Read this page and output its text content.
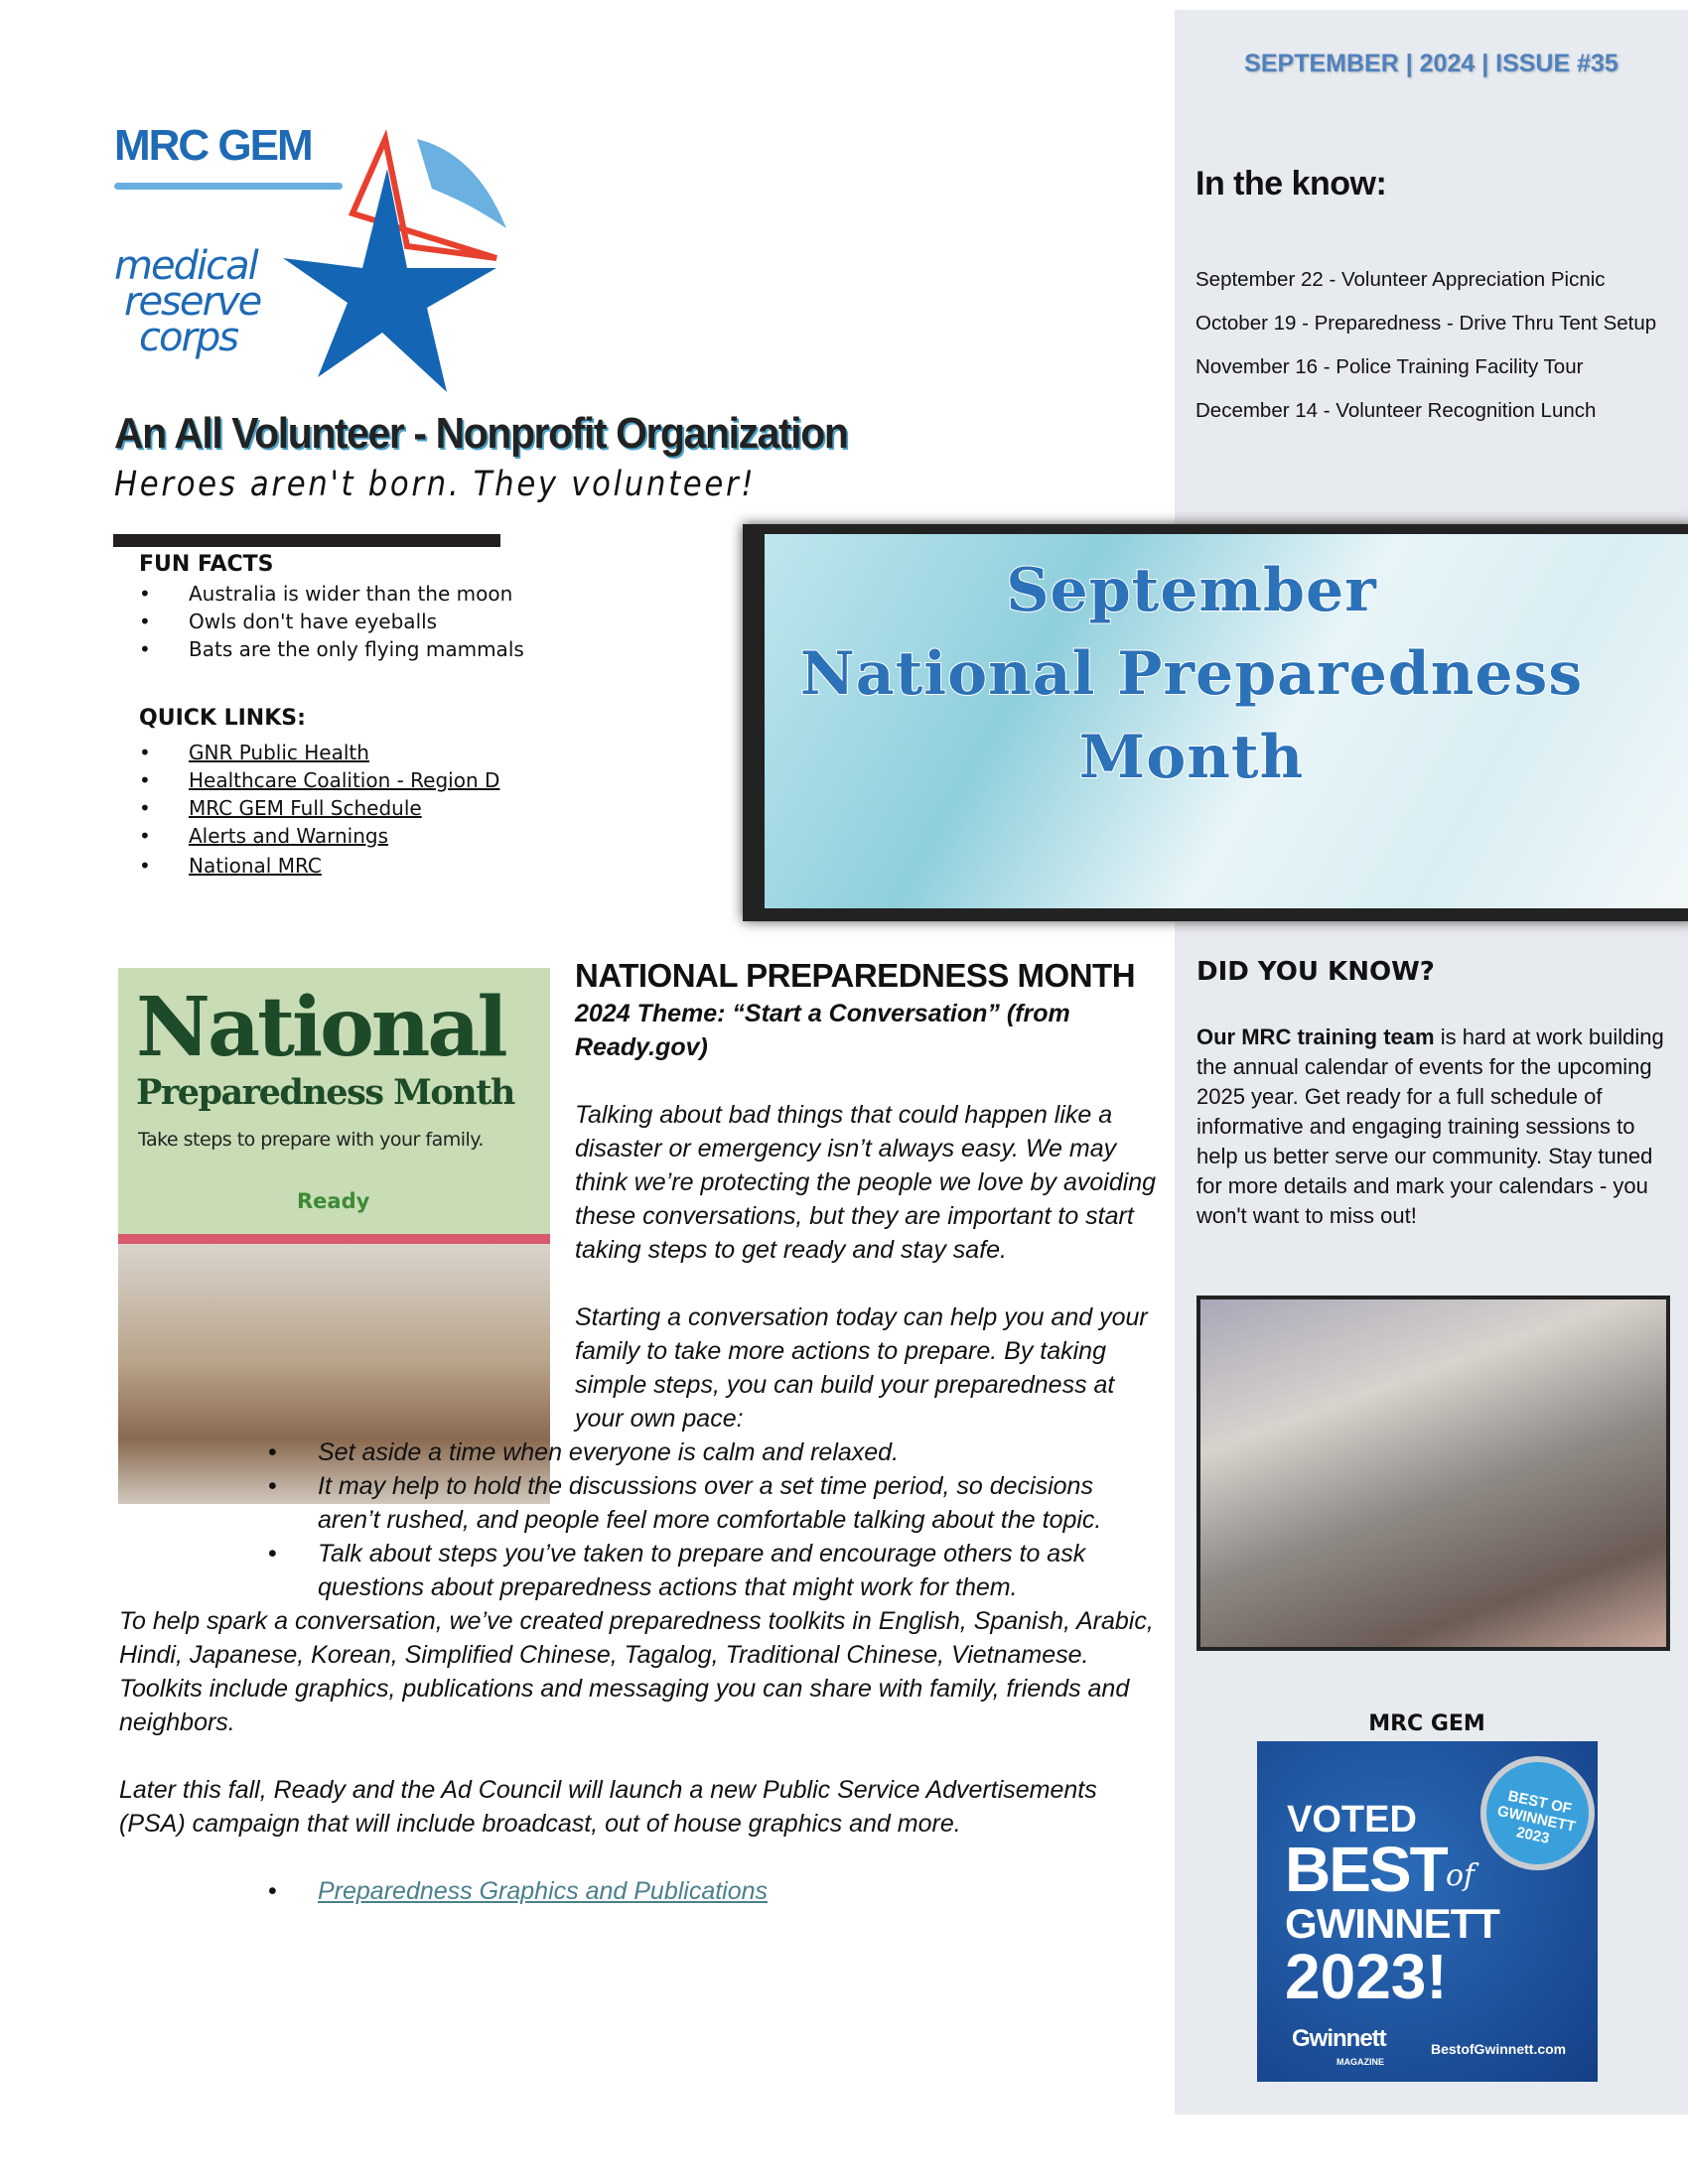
SEPTEMBER | 2024 | ISSUE #35
In the know:
September 22 - Volunteer Appreciation Picnic
October 19 - Preparedness - Drive Thru Tent Setup
November 16 - Police Training Facility Tour
December 14 - Volunteer Recognition Lunch
MRC GEM
medical
reserve
corps
An All Volunteer - Nonprofit Organization
Heroes aren't born. They volunteer!
FUN FACTS
• Australia is wider than the moon
• Owls don't have eyeballs
• Bats are the only flying mammals
QUICK LINKS:
• GNR Public Health
• Healthcare Coalition - Region D
• MRC GEM Full Schedule
• Alerts and Warnings
• National MRC
September
National Preparedness
Month
National
Preparedness Month
Take steps to prepare with your family.
Ready
NATIONAL PREPAREDNESS MONTH
2024 Theme: “Start a Conversation” (from Ready.gov)
Talking about bad things that could happen like a disaster or emergency isn’t always easy. We may think we’re protecting the people we love by avoiding these conversations, but they are important to start taking steps to get ready and stay safe.
Starting a conversation today can help you and your family to take more actions to prepare. By taking simple steps, you can build your preparedness at your own pace:
• Set aside a time when everyone is calm and relaxed.
• It may help to hold the discussions over a set time period, so decisions aren’t rushed, and people feel more comfortable talking about the topic.
• Talk about steps you’ve taken to prepare and encourage others to ask questions about preparedness actions that might work for them.
To help spark a conversation, we’ve created preparedness toolkits in English, Spanish, Arabic, Hindi, Japanese, Korean, Simplified Chinese, Tagalog, Traditional Chinese, Vietnamese. Toolkits include graphics, publications and messaging you can share with family, friends and neighbors.
Later this fall, Ready and the Ad Council will launch a new Public Service Advertisements (PSA) campaign that will include broadcast, out of house graphics and more.
• Preparedness Graphics and Publications
DID YOU KNOW?
Our MRC training team is hard at work building the annual calendar of events for the upcoming 2025 year. Get ready for a full schedule of informative and engaging training sessions to help us better serve our community. Stay tuned for more details and mark your calendars - you won't want to miss out!
MRC GEM
BEST OF GWINNETT 2023
VOTED
BEST of
GWINNETT
2023!
Gwinnett
MAGAZINE
BestofGwinnett.com
